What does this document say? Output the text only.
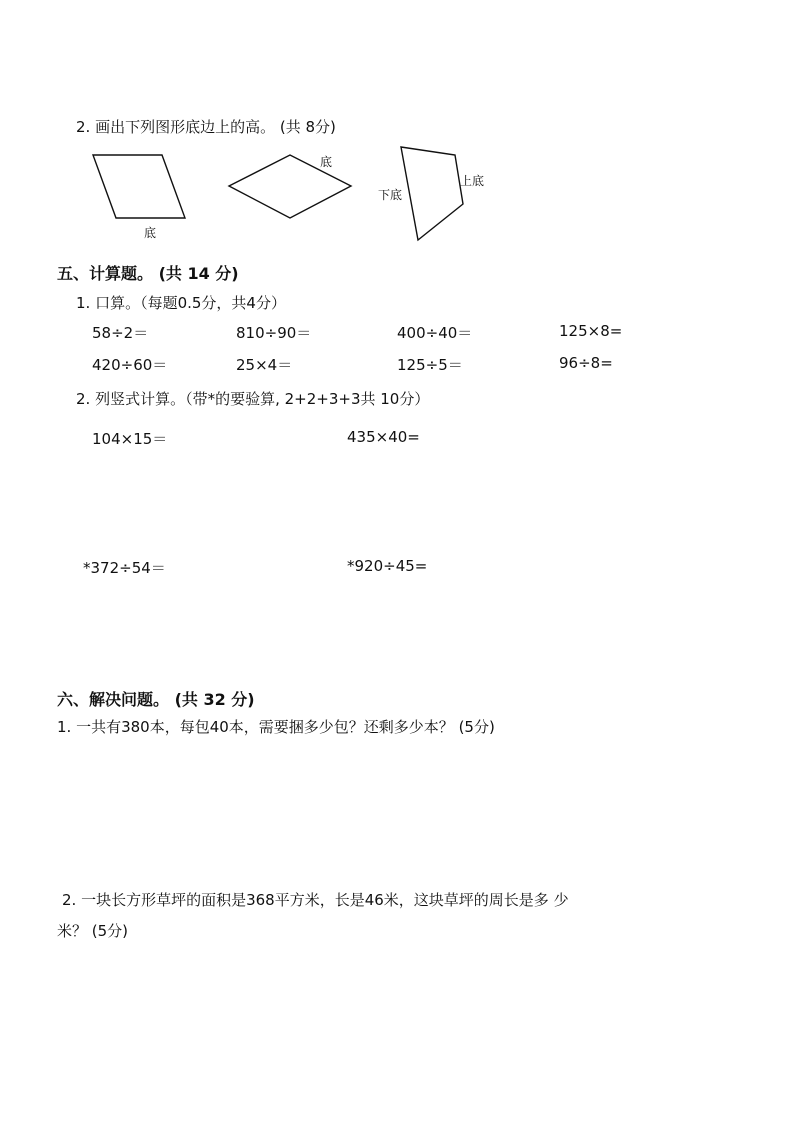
2. 画出下列图形底边上的高。 (共 8分)
底
底
下底
上底
五、计算题。 (共 14 分)
1. 口算。（每题0.5分，共4分）
58÷2＝	810÷90＝	400÷40＝	125×8=
420÷60＝	25×4＝	125÷5＝	96÷8=
2. 列竖式计算。（带*的要验算, 2+2+3+3共 10分）
104×15＝	435×40=
*372÷54＝	*920÷45=
六、解决问题。 (共 32 分)
1. 一共有380本，每包40本，需要捆多少包？还剩多少本？ (5分)
2. 一块长方形草坪的面积是368平方米，长是46米，这块草坪的周长是多 少
米？ (5分)
